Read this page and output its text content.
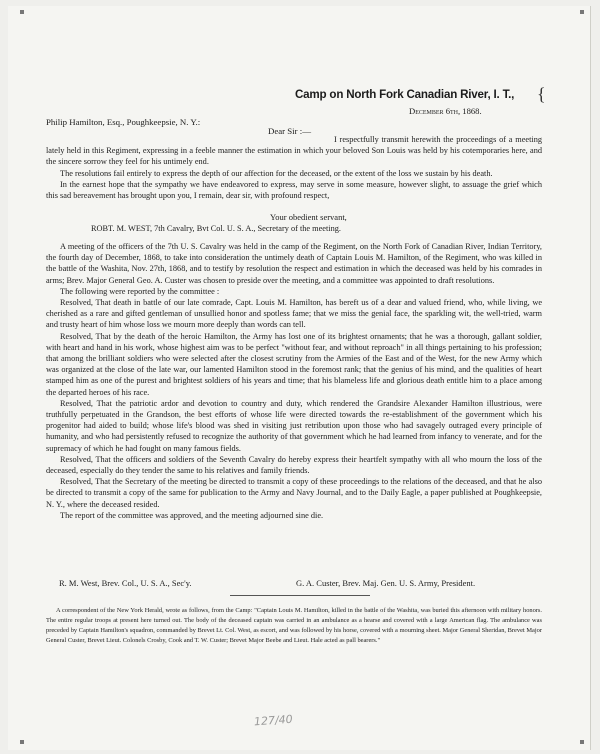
Camp on North Fork Canadian River, I. T., {
December 6th, 1868.
Philip Hamilton, Esq., Poughkeepsie, N. Y.:
Dear Sir :—

I respectfully transmit herewith the proceedings of a meeting lately held in this Regiment, expressing in a feeble manner the estimation in which your beloved Son Louis was held by his cotemporaries here, and the sincere sorrow they feel for his untimely end.

The resolutions fail entirely to express the depth of our affection for the deceased, or the extent of the loss we sustain by his death.

In the earnest hope that the sympathy we have endeavored to express, may serve in some measure, however slight, to assuage the grief which this sad bereavement has brought upon you, I remain, dear sir, with profound respect,

Your obedient servant,
ROBT. M. WEST, 7th Cavalry, Bvt Col. U. S. A., Secretary of the meeting.

A meeting of the officers of the 7th U. S. Cavalry was held in the camp of the Regiment, on the North Fork of Canadian River, Indian Territory, the fourth day of December, 1868, to take into consideration the untimely death of Captain Louis M. Hamilton, of the Regiment, who was killed in the battle of the Washita, Nov. 27th, 1868, and to testify by resolution the respect and estimation in which the deceased was held by his comrades in arms; Brev. Major General Geo. A. Custer was chosen to preside over the meeting, and a committee was appointed to draft resolutions.

The following were reported by the committee :

Resolved, That death in battle of our late comrade, Capt. Louis M. Hamilton, has bereft us of a dear and valued friend, who, while living, we cherished as a rare and gifted gentleman of unsullied honor and spotless fame; that we miss the genial face, the sparkling wit, the well-tried, warm and trusty heart of him whose loss we mourn more deeply than words can tell.

Resolved, That by the death of the heroic Hamilton, the Army has lost one of its brightest ornaments; that he was a thorough, gallant soldier, with heart and hand in his work, whose highest aim was to be perfect "without fear, and without reproach" in all things pertaining to his profession; that among the brilliant soldiers who were selected after the closest scrutiny from the Armies of the East and of the West, for the new Army which was organized at the close of the late war, our lamented Hamilton stood in the foremost rank; that the genius of his mind, and the qualities of heart stamped him as one of the purest and brightest soldiers of his years and time; that his blameless life and glorious death entitle him to a place among the departed heroes of his race.

Resolved, That the patriotic ardor and devotion to country and duty, which rendered the Grandsire Alexander Hamilton illustrious, were truthfully perpetuated in the Grandson, the best efforts of whose life were directed towards the re-establishment of the government which his progenitor had aided to build; whose life's blood was shed in visiting just retribution upon those who had savagely outraged every principle of humanity, and who had persistently refused to recognize the authority of that government which he had learned from infancy to venerate, and for the supremacy of which he had fought on many famous fields.

Resolved, That the officers and soldiers of the Seventh Cavalry do hereby express their heartfelt sympathy with all who mourn the loss of the deceased, especially do they tender the same to his relatives and family friends.

Resolved, That the Secretary of the meeting be directed to transmit a copy of these proceedings to the relations of the deceased, and that he also be directed to transmit a copy of the same for publication to the Army and Navy Journal, and to the Daily Eagle, a paper published at Poughkeepsie, N. Y., where the deceased resided.

The report of the committee was approved, and the meeting adjourned sine die.

R. M. West, Brev. Col., U. S. A., Sec'y.	G. A. Custer, Brev. Maj. Gen. U. S. Army, President.
A correspondent of the New York Herald, wrote as follows, from the Camp: "Captain Louis M. Hamilton, killed in the battle of the Washita, was buried this afternoon with military honors. The entire regular troops at present here turned out. The body of the deceased captain was carried in an ambulance as a hearse and covered with a large American flag. The ambulance was preceded by Captain Hamilton's squadron, commanded by Brevet Lt. Col. West, as escort, and was followed by his horse, covered with a mourning sheet. Major General Sheridan, Brevet Major General Custer, Brevet Lieut. Colonels Crosby, Cook and T. W. Custer; Brevet Major Beebe and Lieut. Hale acted as pall bearers."
127/40
